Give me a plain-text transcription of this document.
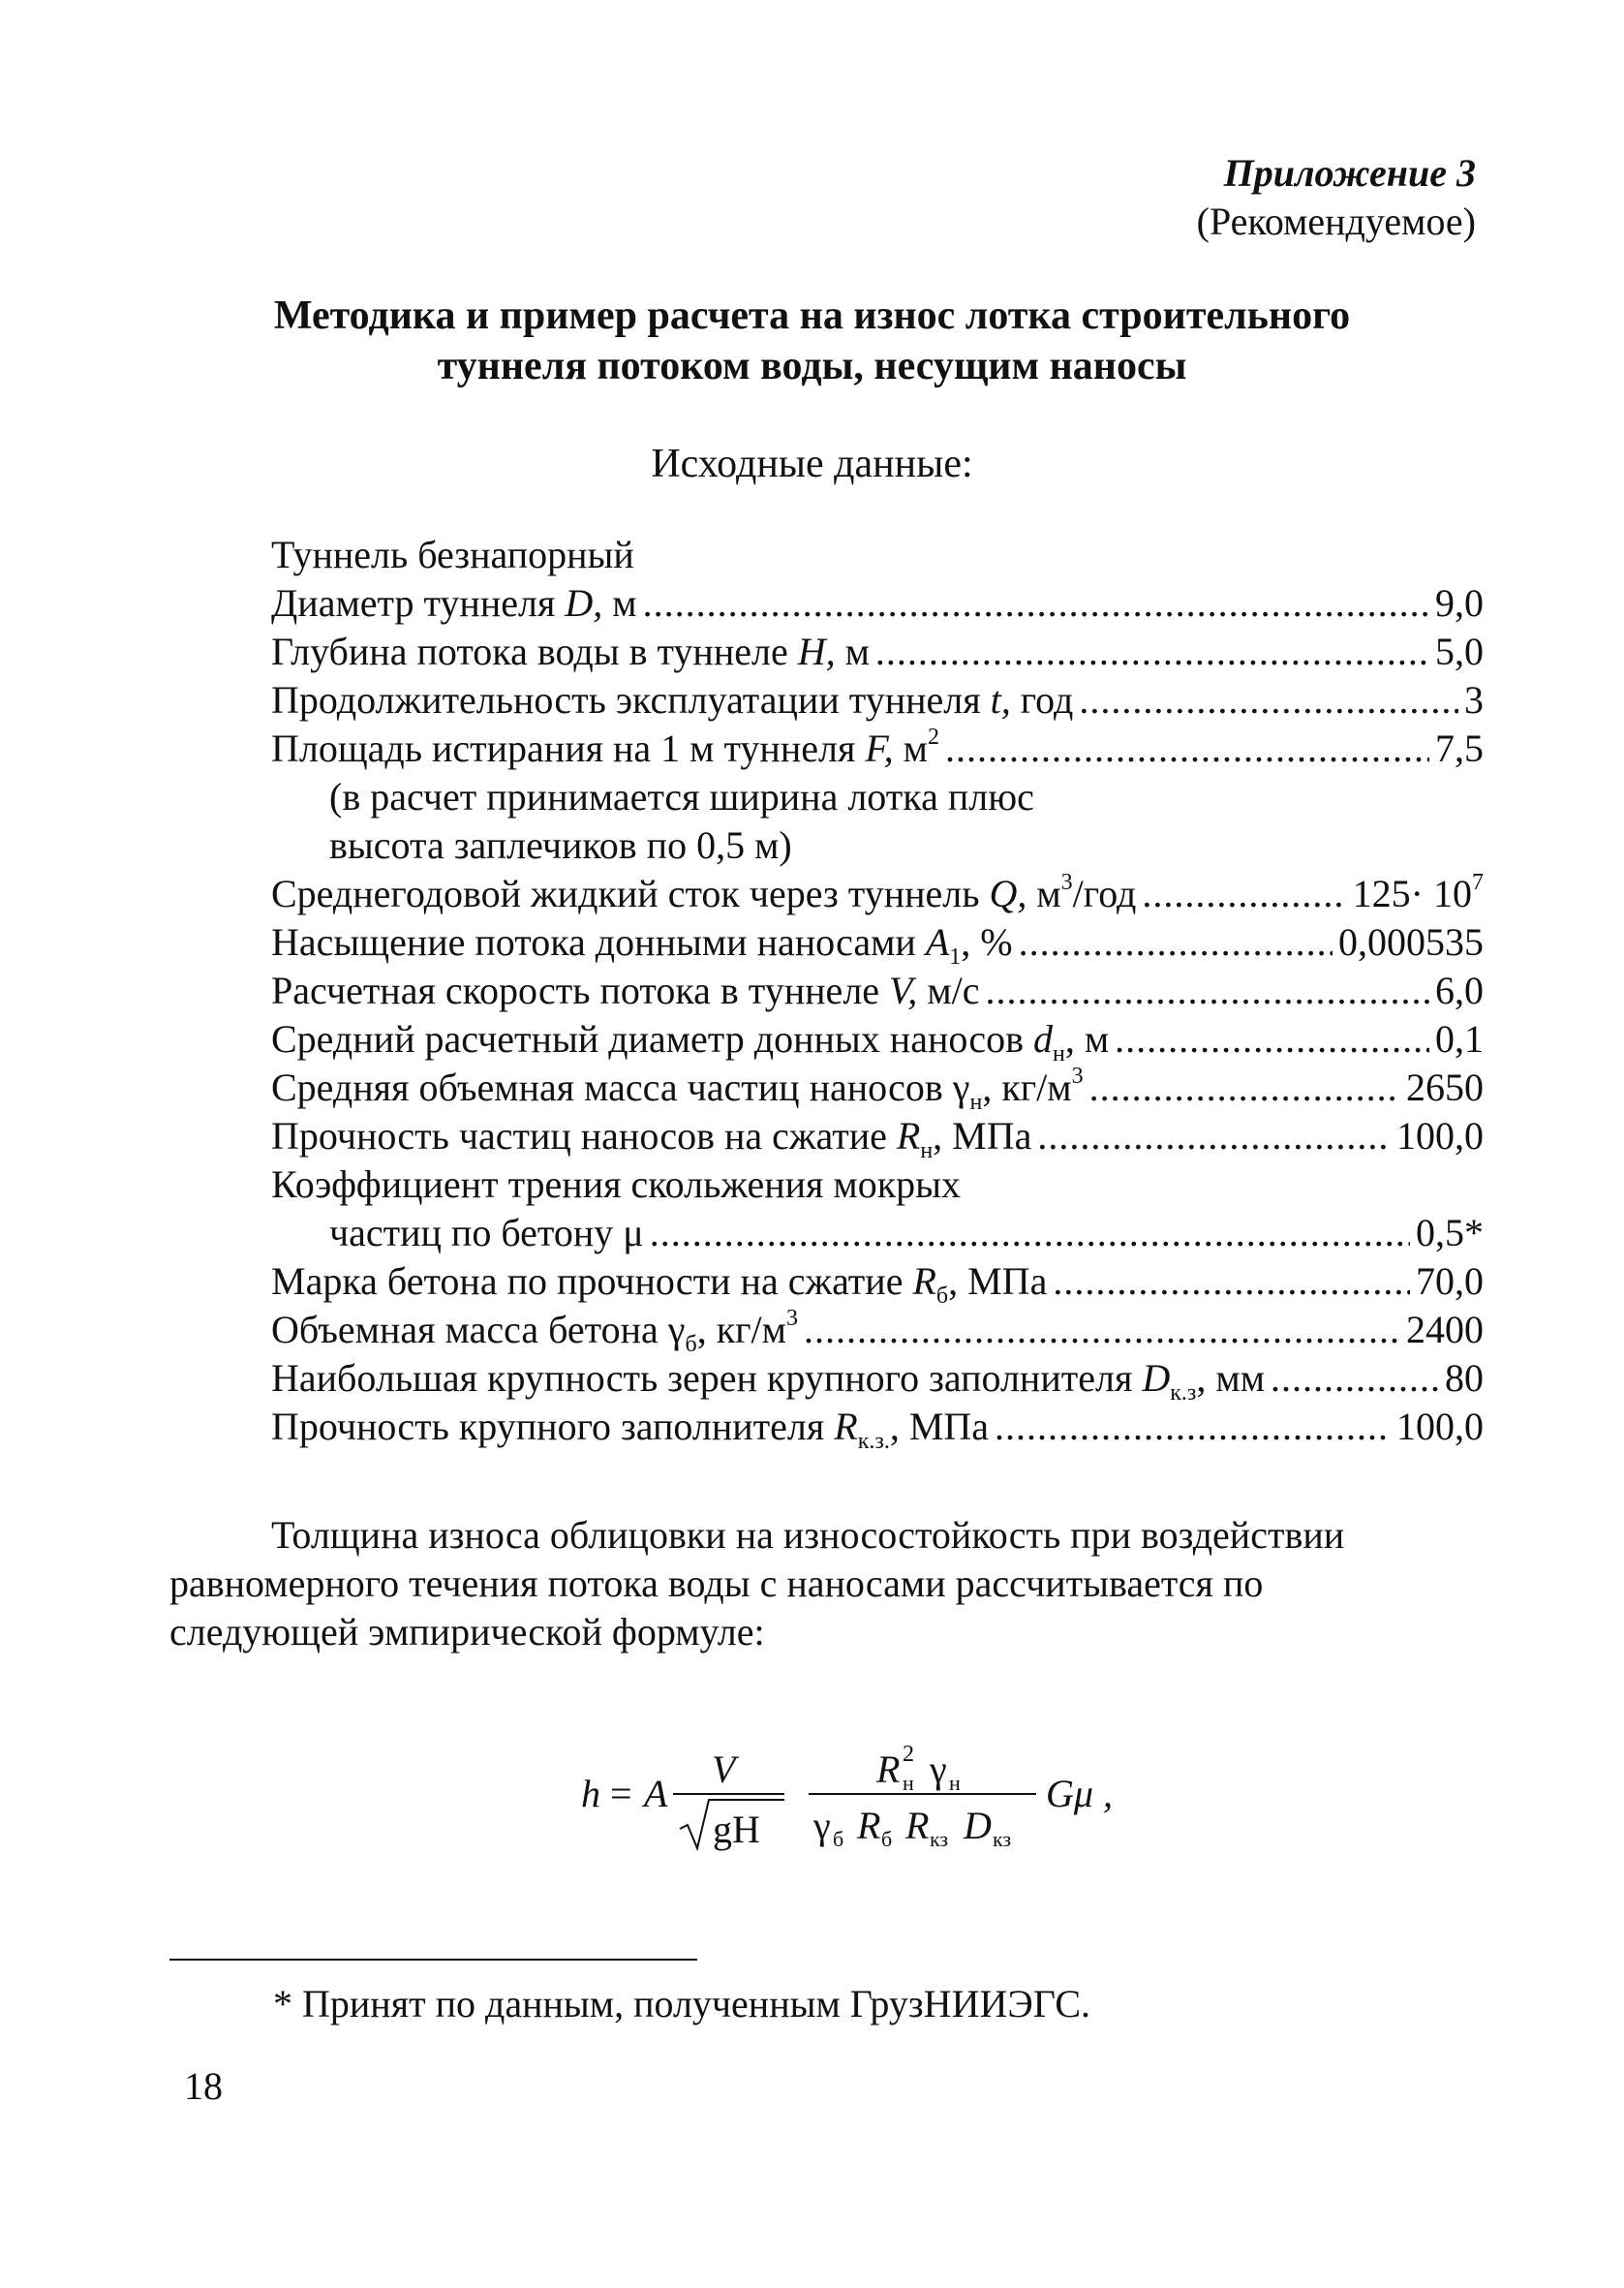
Приложение 3
(Рекомендуемое)
Методика и пример расчета на износ лотка строительного
туннеля потоком воды, несущим наносы
Исходные данные:
Туннель безнапорный
Диаметр туннеля D, м .....	9,0
Глубина потока воды в туннеле H, м .....	5,0
Продолжительность эксплуатации туннеля t, год .....	3
Площадь истирания на 1 м туннеля F, $м^2$ .....	7,5
(в расчет принимается ширина лотка плюс
высота заплечиков по 0,5 м)
Среднегодовой жидкий сток через туннель Q, $м^3$/год .....	$125\cdot 10^7$
Насыщение потока донными наносами $A_1$, % .....	0,000535
Расчетная скорость потока в туннеле V, м/с .....	6,0
Средний расчетный диаметр донных наносов $d_н$, м .....	0,1
Средняя объемная масса частиц наносов $\gamma_н$, $кг/м^3$ .....	2650
Прочность частиц наносов на сжатие $R_н$, МПа .....	100,0
Коэффициент трения скольжения мокрых
частиц по бетону μ .....	0,5*
Марка бетона по прочности на сжатие $R_б$, МПа .....	70,0
Объемная масса бетона $\gamma_б$, $кг/м^3$ .....	2400
Наибольшая крупность зерен крупного заполнителя $D_{к.з}$, мм .....	80
Прочность крупного заполнителя $R_{к.з.}$, МПа .....	100,0
Толщина износа облицовки на износостойкость при воздействии
равномерного течения потока воды с наносами рассчитывается по
следующей эмпирической формуле:
h = A
V
gH
R 2
н γ н
γ б R б R кз D кз
Gμ ,
* Принят по данным, полученным ГрузНИИЭГС.
18
